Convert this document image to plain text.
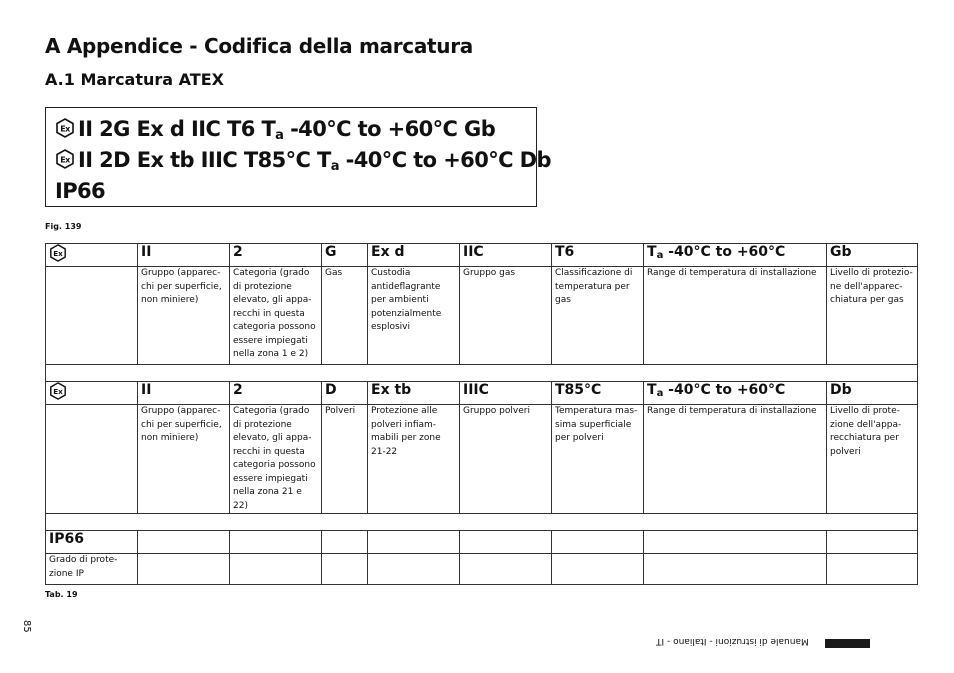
A Appendice - Codifica della marcatura
A.1 Marcatura ATEX
Ex II 2G Ex d IIC T6 $T_a$ -40°C to +60°C Gb
Ex II 2D Ex tb IIIC T85°C $T_a$ -40°C to +60°C Db
IP66
Fig. 139
Ex	II	2	G	Ex d	IIC	T6	$T_a$ -40°C to +60°C	Gb
	Gruppo (apparec-chi per superficie, non miniere)	Categoria (grado di protezione elevato, gli appa-recchi in questa categoria possono essere impiegati nella zona 1 e 2)	Gas	Custodia antideflagrante per ambienti potenzialmente esplosivi	Gruppo gas	Classificazione di temperatura per gas	Range di temperatura di installazione	Livello di protezio-ne dell'apparec-chiatura per gas

Ex	II	2	D	Ex tb	IIIC	T85°C	$T_a$ -40°C to +60°C	Db
	Gruppo (apparec-chi per superficie, non miniere)	Categoria (grado di protezione elevato, gli appa-recchi in questa categoria possono essere impiegati nella zona 21 e 22)	Polveri	Protezione alle polveri infiam-mabili per zone 21-22	Gruppo polveri	Temperatura mas-sima superficiale per polveri	Range di temperatura di installazione	Livello di prote-zione dell'appa-recchiatura per polveri

IP66								
Grado di prote-zione IP								
Tab. 19
85
Manuale di istruzioni - Italiano - IT
